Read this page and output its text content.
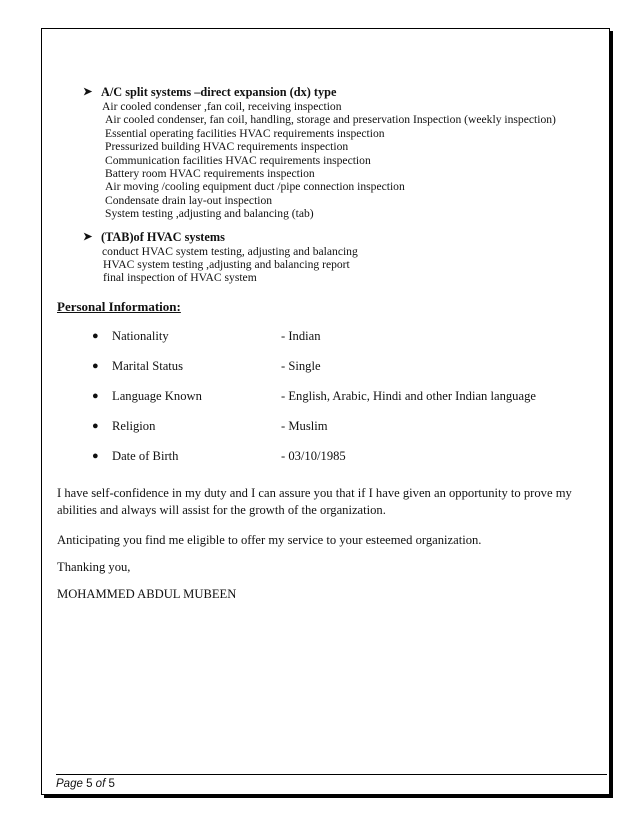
➤ A/C split systems –direct expansion (dx) type
Air cooled condenser ,fan coil, receiving inspection
Air cooled condenser, fan coil, handling, storage and preservation Inspection (weekly inspection)
Essential operating facilities HVAC requirements inspection
Pressurized building HVAC requirements inspection
Communication facilities HVAC requirements inspection
Battery room HVAC requirements inspection
Air moving /cooling equipment duct /pipe connection inspection
Condensate drain lay-out inspection
System testing ,adjusting and balancing (tab)
➤ (TAB)of HVAC systems
conduct HVAC system testing, adjusting and balancing
HVAC system testing ,adjusting and balancing report
final inspection of HVAC system
Personal Information:
● Nationality	- Indian
● Marital Status	- Single
● Language Known	- English, Arabic, Hindi and other Indian language
● Religion	- Muslim
● Date of Birth	- 03/10/1985

I have self-confidence in my duty and I can assure you that if I have given an opportunity to prove my abilities and always will assist for the growth of the organization.

Anticipating you find me eligible to offer my service to your esteemed organization.

Thanking you,

MOHAMMED ABDUL MUBEEN

Page 5 of 5
